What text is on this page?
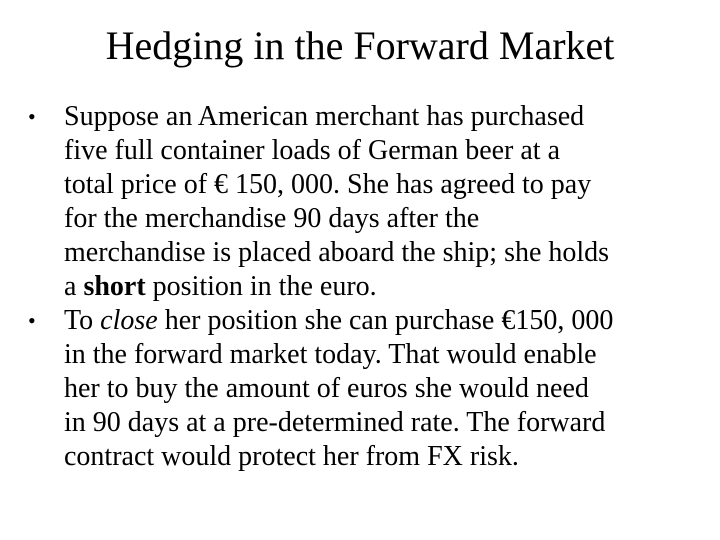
Hedging in the Forward Market
• Suppose an American merchant has purchased
five full container loads of German beer at a
total price of € 150, 000. She has agreed to pay
for the merchandise 90 days after the
merchandise is placed aboard the ship; she holds
a short position in the euro.
• To close her position she can purchase €150, 000
in the forward market today. That would enable
her to buy the amount of euros she would need
in 90 days at a pre-determined rate. The forward
contract would protect her from FX risk.
